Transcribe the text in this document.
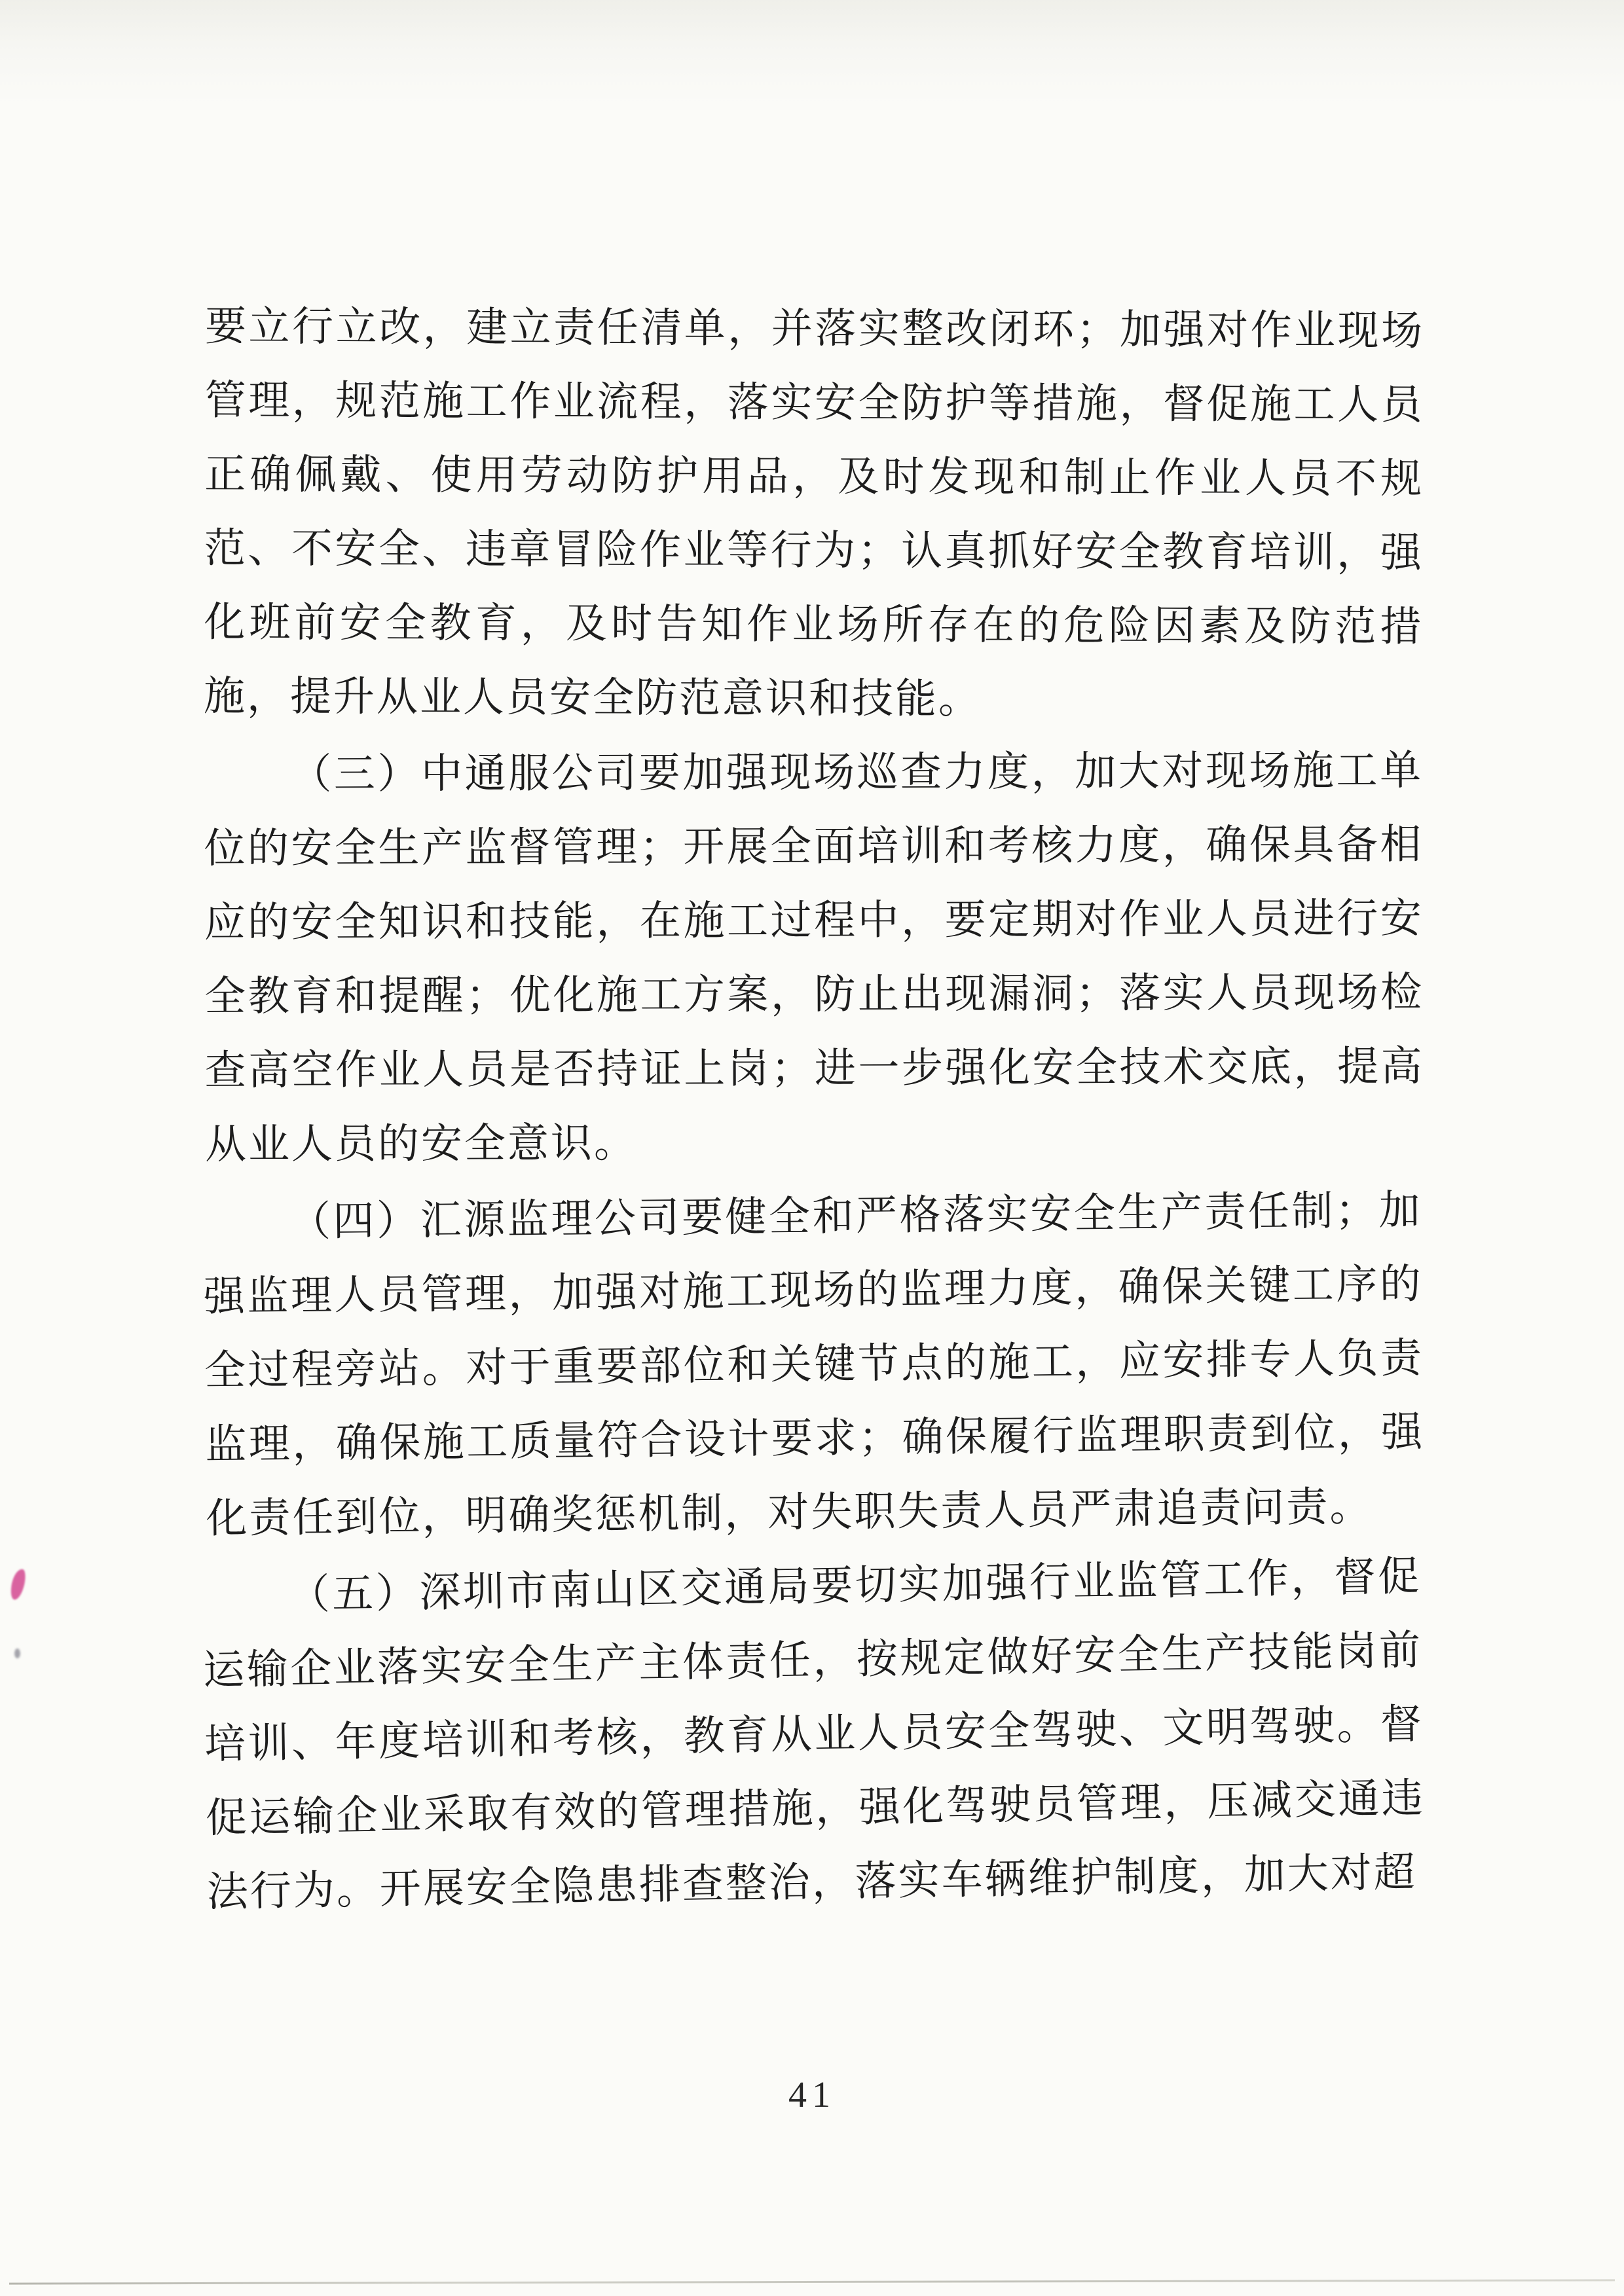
要立行立改，建立责任清单，并落实整改闭环；加强对作业现场管理，规范施工作业流程，落实安全防护等措施，督促施工人员正确佩戴、使用劳动防护用品，及时发现和制止作业人员不规范、不安全、违章冒险作业等行为；认真抓好安全教育培训，强化班前安全教育，及时告知作业场所存在的危险因素及防范措施，提升从业人员安全防范意识和技能。

（三）中通服公司要加强现场巡查力度，加大对现场施工单位的安全生产监督管理；开展全面培训和考核力度，确保具备相应的安全知识和技能，在施工过程中，要定期对作业人员进行安全教育和提醒；优化施工方案，防止出现漏洞；落实人员现场检查高空作业人员是否持证上岗；进一步强化安全技术交底，提高从业人员的安全意识。

（四）汇源监理公司要健全和严格落实安全生产责任制；加强监理人员管理，加强对施工现场的监理力度，确保关键工序的全过程旁站。对于重要部位和关键节点的施工，应安排专人负责监理，确保施工质量符合设计要求；确保履行监理职责到位，强化责任到位，明确奖惩机制，对失职失责人员严肃追责问责。

（五）深圳市南山区交通局要切实加强行业监管工作，督促运输企业落实安全生产主体责任，按规定做好安全生产技能岗前培训、年度培训和考核，教育从业人员安全驾驶、文明驾驶。督促运输企业采取有效的管理措施，强化驾驶员管理，压减交通违法行为。开展安全隐患排查整治，落实车辆维护制度，加大对超

41
